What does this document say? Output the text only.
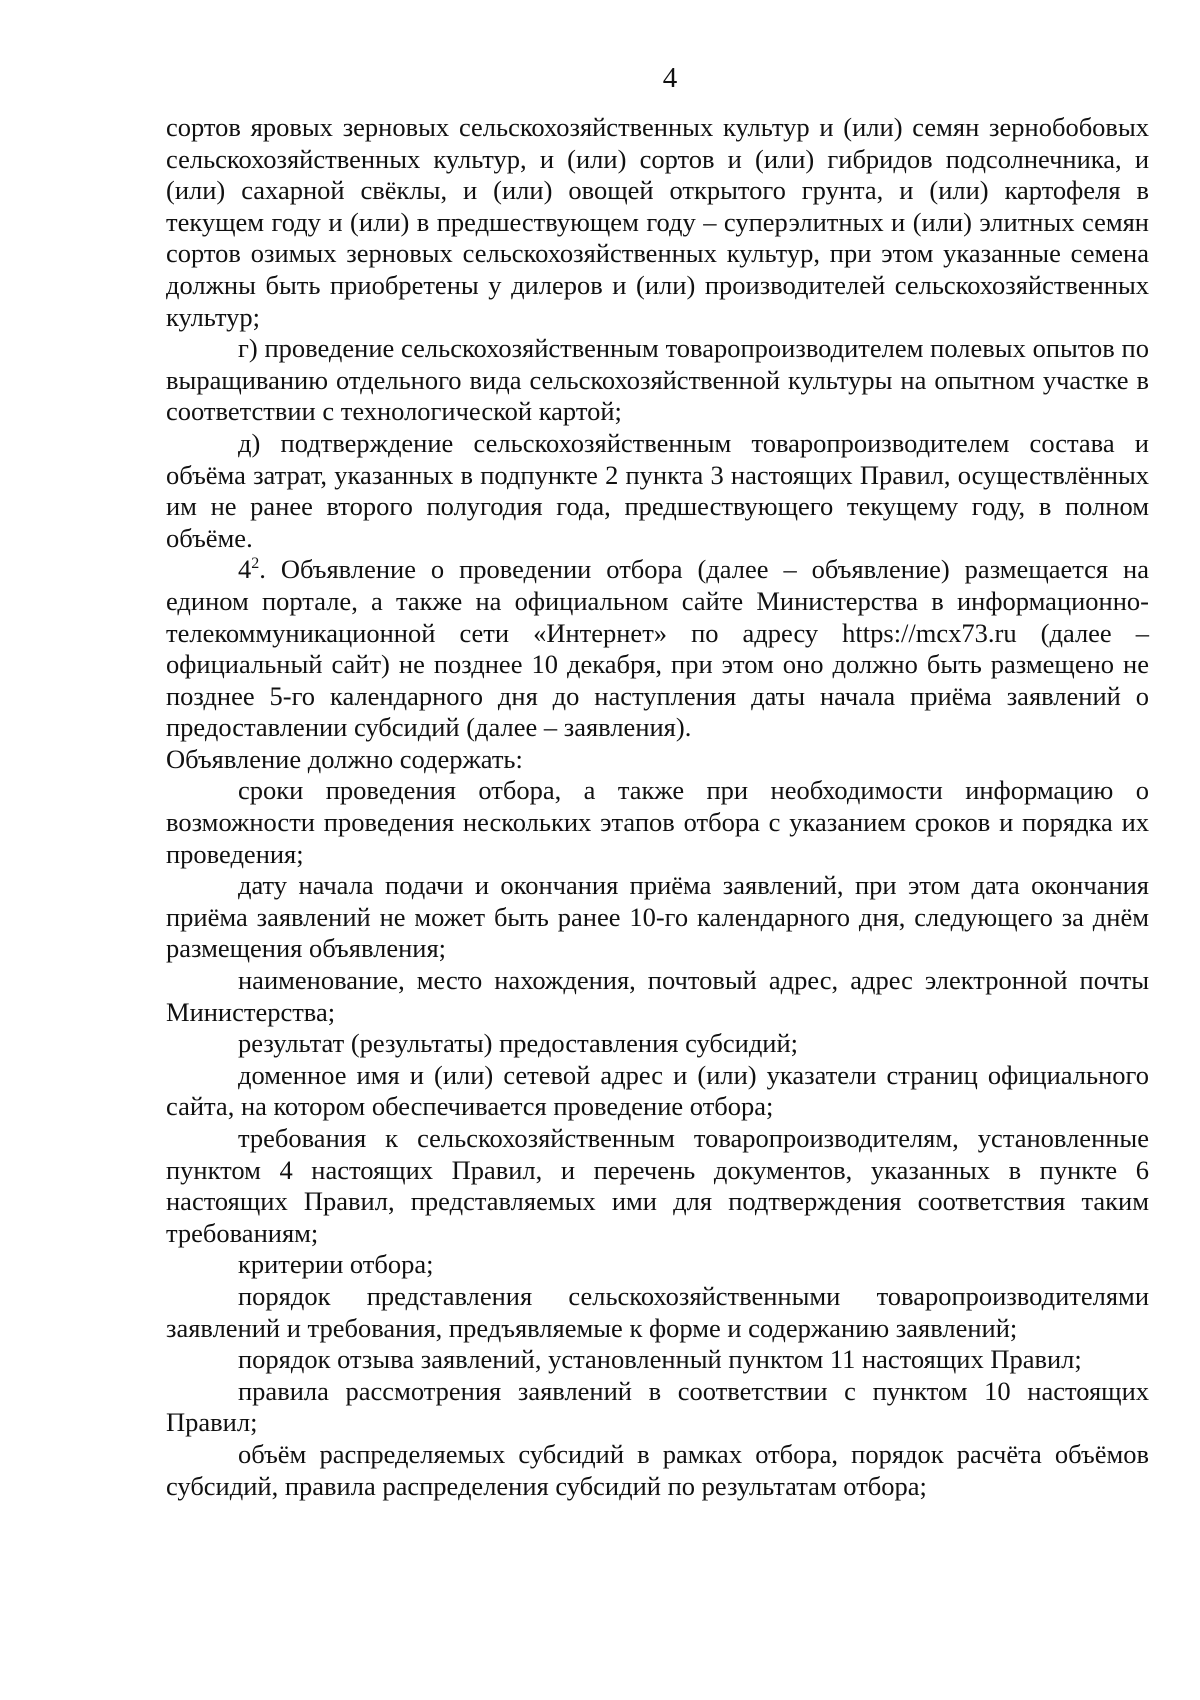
4

сортов яровых зерновых сельскохозяйственных культур и (или) семян зернобобовых сельскохозяйственных культур, и (или) сортов и (или) гибридов подсолнечника, и (или) сахарной свёклы, и (или) овощей открытого грунта, и (или) картофеля в текущем году и (или) в предшествующем году – суперэлитных и (или) элитных семян сортов озимых зерновых сельскохозяйственных культур, при этом указанные семена должны быть приобретены у дилеров и (или) производителей сельскохозяйственных культур;

г) проведение сельскохозяйственным товаропроизводителем полевых опытов по выращиванию отдельного вида сельскохозяйственной культуры на опытном участке в соответствии с технологической картой;

д) подтверждение сельскохозяйственным товаропроизводителем состава и объёма затрат, указанных в подпункте 2 пункта 3 настоящих Правил, осуществлённых им не ранее второго полугодия года, предшествующего текущему году, в полном объёме.

$4^2$. Объявление о проведении отбора (далее – объявление) размещается на едином портале, а также на официальном сайте Министерства в информационно-телекоммуникационной сети «Интернет» по адресу https://mcx73.ru (далее – официальный сайт) не позднее 10 декабря, при этом оно должно быть размещено не позднее 5-го календарного дня до наступления даты начала приёма заявлений о предоставлении субсидий (далее – заявления).

Объявление должно содержать:

сроки проведения отбора, а также при необходимости информацию о возможности проведения нескольких этапов отбора с указанием сроков и порядка их проведения;

дату начала подачи и окончания приёма заявлений, при этом дата окончания приёма заявлений не может быть ранее 10-го календарного дня, следующего за днём размещения объявления;

наименование, место нахождения, почтовый адрес, адрес электронной почты Министерства;

результат (результаты) предоставления субсидий;

доменное имя и (или) сетевой адрес и (или) указатели страниц официального сайта, на котором обеспечивается проведение отбора;

требования к сельскохозяйственным товаропроизводителям, установленные пунктом 4 настоящих Правил, и перечень документов, указанных в пункте 6 настоящих Правил, представляемых ими для подтверждения соответствия таким требованиям;

критерии отбора;

порядок представления сельскохозяйственными товаропроизводителями заявлений и требования, предъявляемые к форме и содержанию заявлений;

порядок отзыва заявлений, установленный пунктом 11 настоящих Правил;

правила рассмотрения заявлений в соответствии с пунктом 10 настоящих Правил;

объём распределяемых субсидий в рамках отбора, порядок расчёта объёмов субсидий, правила распределения субсидий по результатам отбора;
